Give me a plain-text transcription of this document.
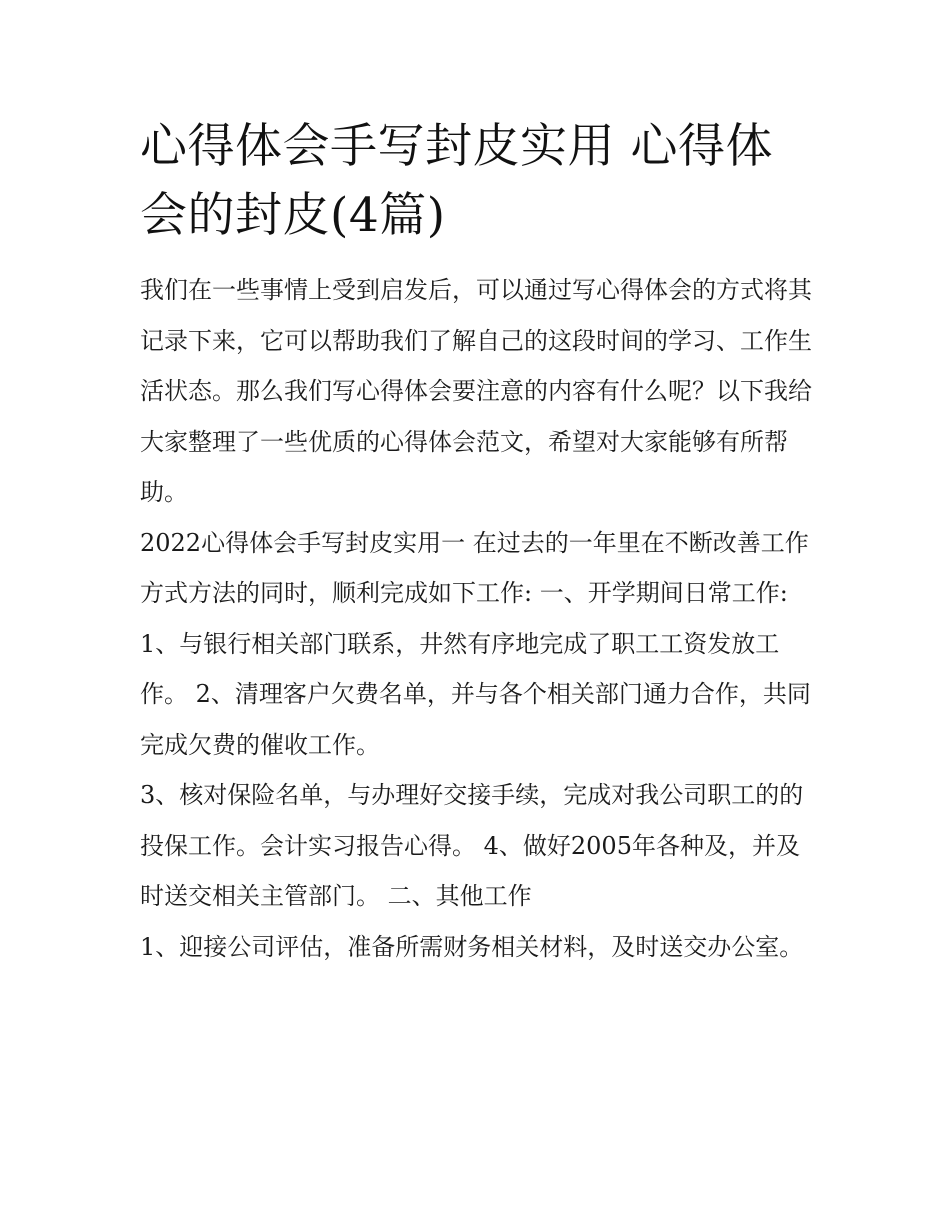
心得体会手写封皮实用 心得体会的封皮(4篇)

我们在一些事情上受到启发后，可以通过写心得体会的方式将其记录下来，它可以帮助我们了解自己的这段时间的学习、工作生活状态。那么我们写心得体会要注意的内容有什么呢？以下我给大家整理了一些优质的心得体会范文，希望对大家能够有所帮助。

2022心得体会手写封皮实用一 在过去的一年里在不断改善工作方式方法的同时，顺利完成如下工作: 一、开学期间日常工作:

1、与银行相关部门联系，井然有序地完成了职工工资发放工作。 2、清理客户欠费名单，并与各个相关部门通力合作，共同完成欠费的催收工作。

3、核对保险名单，与办理好交接手续，完成对我公司职工的的投保工作。会计实习报告心得。 4、做好2005年各种及，并及时送交相关主管部门。 二、其他工作

1、迎接公司评估，准备所需财务相关材料，及时送交办公室。
